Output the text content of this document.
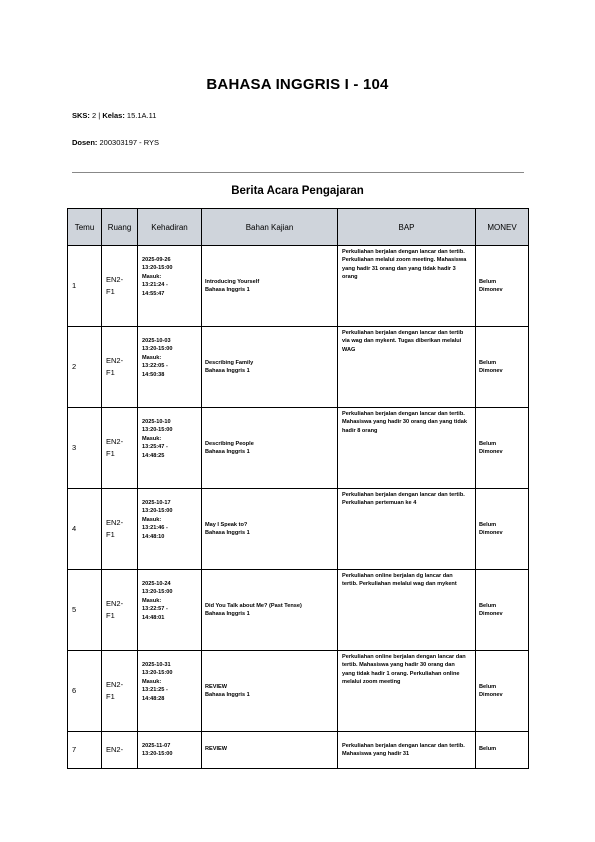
BAHASA INGGRIS I - 104
SKS: 2 | Kelas: 15.1A.11
Dosen: 200303197 - RYS
Berita Acara Pengajaran
Temu	Ruang	Kehadiran	Bahan Kajian	BAP	MONEV

1	EN2-
F1	2025-09-26
13:20-15:00
Masuk:
13:21:24 -
14:55:47	Introducing Yourself
Bahasa Inggris 1	Perkuliahan berjalan dengan lancar dan tertib. Perkuliahan melalui zoom meeting. Mahasiswa yang hadir 31 orang dan yang tidak hadir 3 orang	Belum
Dimonev

2	EN2-
F1	2025-10-03
13:20-15:00
Masuk:
13:22:05 -
14:50:38	Describing Family
Bahasa Inggris 1	Perkuliahan berjalan dengan lancar dan tertib via wag dan mykent. Tugas diberikan melalui WAG	Belum
Dimonev

3	EN2-
F1	2025-10-10
13:20-15:00
Masuk:
13:25:47 -
14:48:25	Describing People
Bahasa Inggris 1	Perkuliahan berjalan dengan lancar dan tertib. Mahasiswa yang hadir 30 orang dan yang tidak hadir 8 orang	Belum
Dimonev

4	EN2-
F1	2025-10-17
13:20-15:00
Masuk:
13:21:46 -
14:48:10	May I Speak to?
Bahasa Inggris 1	Perkuliahan berjalan dengan lancar dan tertib. Perkuliahan pertemuan ke 4	Belum
Dimonev

5	EN2-
F1	2025-10-24
13:20-15:00
Masuk:
13:22:57 -
14:48:01	Did You Talk about Me? (Past Tense)
Bahasa Inggris 1	Perkuliahan online berjalan dg lancar dan tertib. Perkuliahan melalui wag dan mykent	Belum
Dimonev

6	EN2-
F1	2025-10-31
13:20-15:00
Masuk:
13:21:25 -
14:48:28	REVIEW
Bahasa Inggris 1	Perkuliahan online berjalan dengan lancar dan tertib. Mahasiswa yang hadir 30 orang dan yang tidak hadir 1 orang. Perkuliahan online melalui zoom meeting	Belum
Dimonev

7	EN2-	2025-11-07
13:20-15:00	REVIEW	Perkuliahan berjalan dengan lancar dan tertib. Mahasiswa yang hadir 31	Belum
